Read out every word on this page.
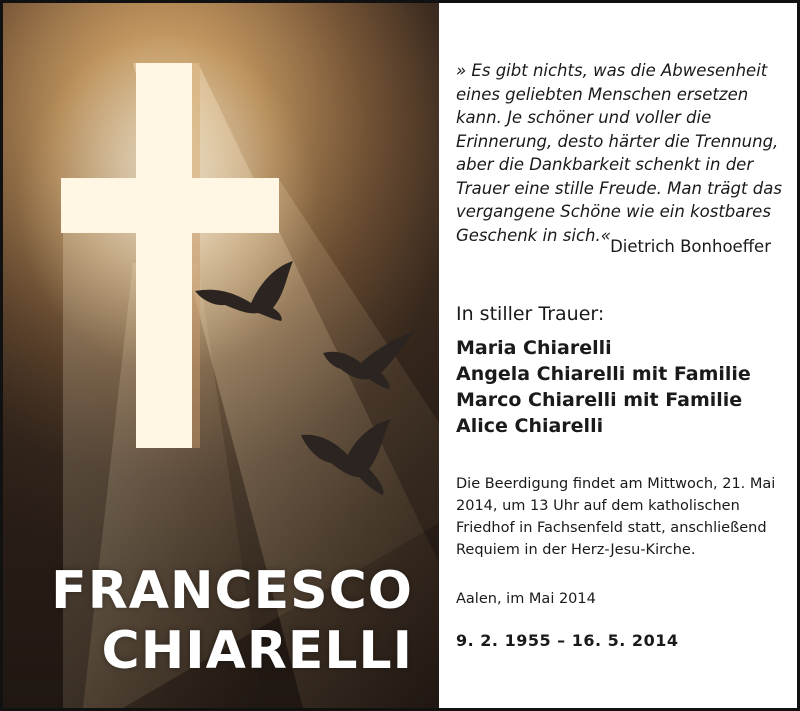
FRANCESCO
CHIARELLI
» Es gibt nichts, was die Abwesenheit eines geliebten Menschen ersetzen kann. Je schöner und voller die Erinnerung, desto härter die Trennung, aber die Dankbarkeit schenkt in der Trauer eine stille Freude. Man trägt das vergangene Schöne wie ein kostbares Geschenk in sich.«
Dietrich Bonhoeffer
In stiller Trauer:
Maria Chiarelli
Angela Chiarelli mit Familie
Marco Chiarelli mit Familie
Alice Chiarelli
Die Beerdigung findet am Mittwoch, 21. Mai 2014, um 13 Uhr auf dem katholischen Friedhof in Fachsenfeld statt, anschließend Requiem in der Herz-Jesu-Kirche.
Aalen, im Mai 2014
9. 2. 1955 – 16. 5. 2014
